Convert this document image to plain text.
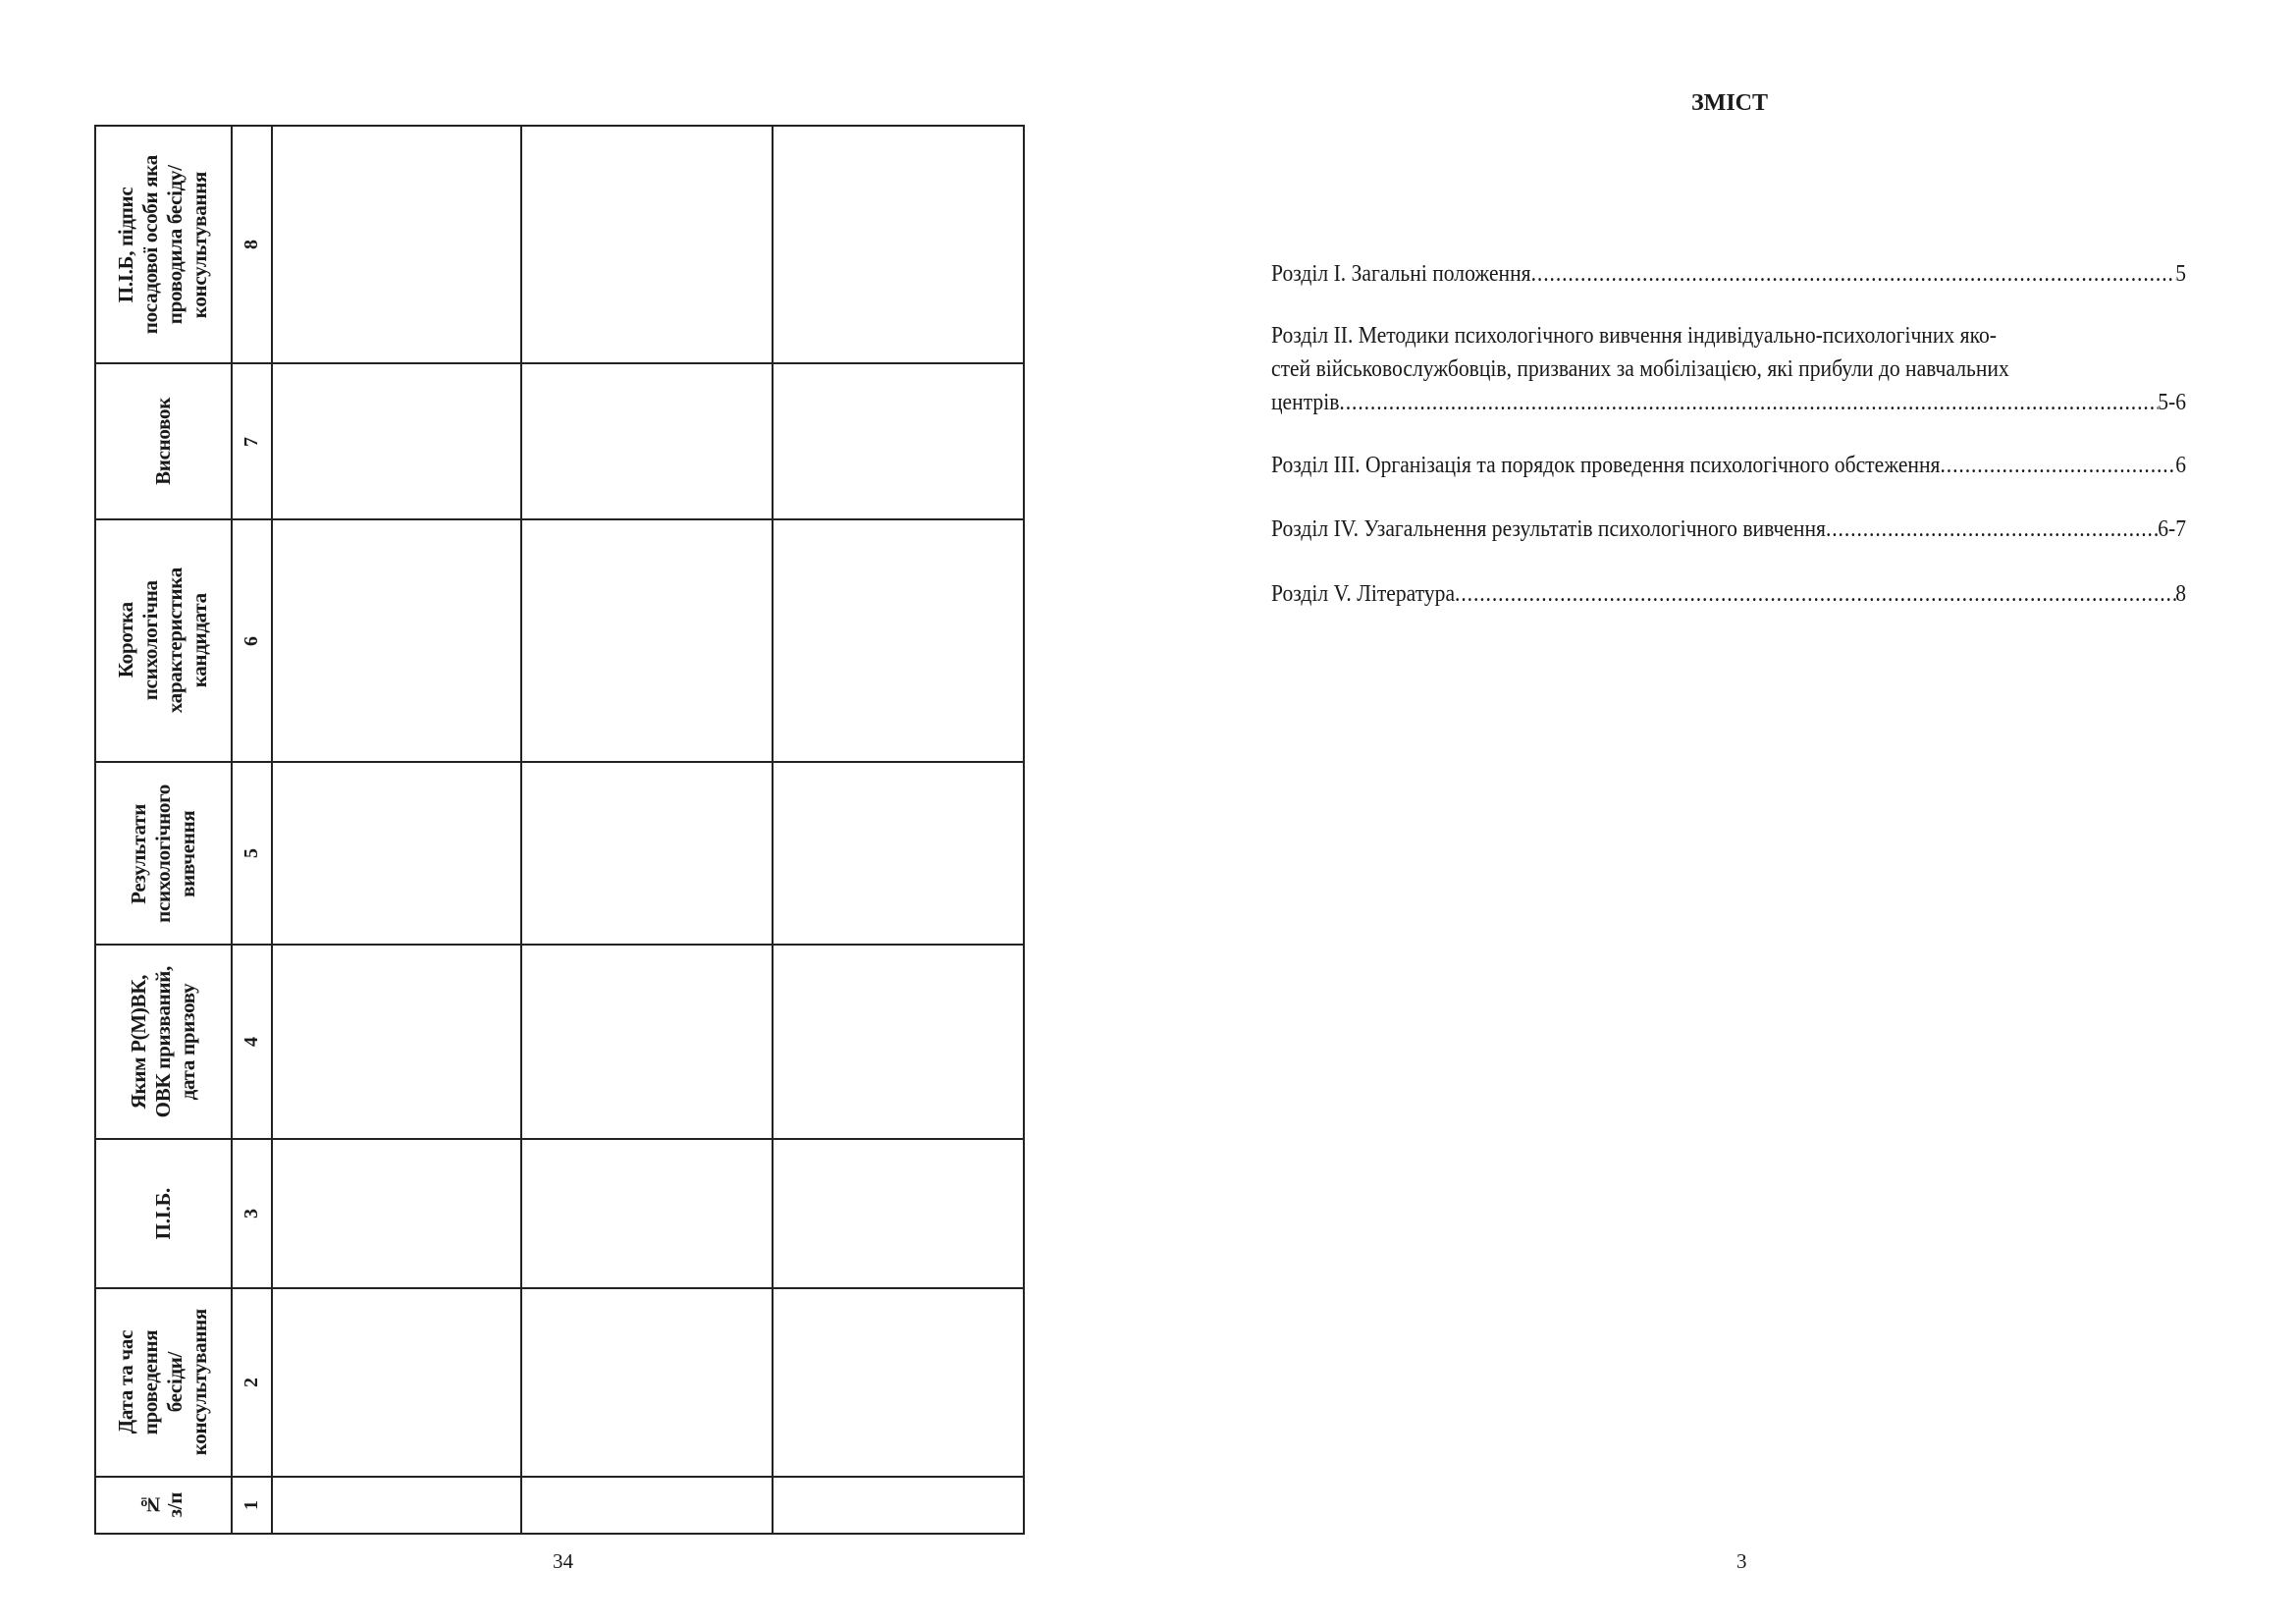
П.І.Б, підпис
посадової особи яка
проводила бесіду/
консультування 8
Висновок	7
Коротка
психологічна
характеристика
кандидата 6
Результати
психологічного
вивчення 5
Яким Р(М)ВК,
ОВК призваний,
дата призову 4
П.І.Б.	3
Дата та час
проведення
бесіди/
консультування 2
№
з/п	1
34
ЗМІСТ
Розділ І. Загальні положення .....	5
Розділ ІІ. Методики психологічного вивчення індивідуально-психологічних яко-
стей військовослужбовців, призваних за мобілізацією, які прибули до навчальних
центрів .....	5-6
Розділ ІІІ. Організація та порядок проведення психологічного обстеження .....	6
Розділ ІV. Узагальнення результатів психологічного вивчення .....	6-7
Розділ V. Література .....	8
3
